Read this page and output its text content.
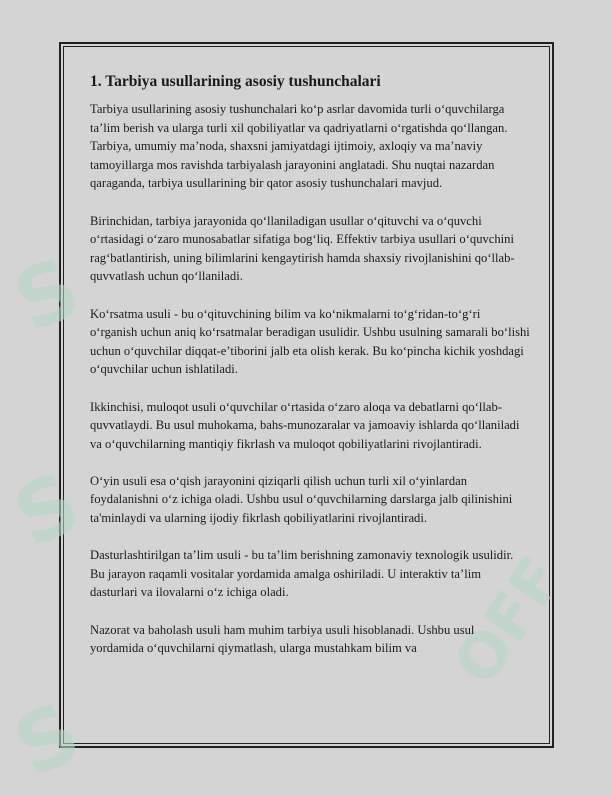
S
S
S
OFF
1. Tarbiya usullarining asosiy tushunchalari

Tarbiya usullarining asosiy tushunchalari ko‘p asrlar davomida turli o‘quvchilarga ta’lim berish va ularga turli xil qobiliyatlar va qadriyatlarni o‘rgatishda qo‘llangan. Tarbiya, umumiy ma’noda, shaxsni jamiyatdagi ijtimoiy, axloqiy va ma’naviy tamoyillarga mos ravishda tarbiyalash jarayonini anglatadi. Shu nuqtai nazardan qaraganda, tarbiya usullarining bir qator asosiy tushunchalari mavjud.

Birinchidan, tarbiya jarayonida qo‘llaniladigan usullar o‘qituvchi va o‘quvchi o‘rtasidagi o‘zaro munosabatlar sifatiga bog‘liq. Effektiv tarbiya usullari o‘quvchini rag‘batlantirish, uning bilimlarini kengaytirish hamda shaxsiy rivojlanishini qo‘llab-quvvatlash uchun qo‘llaniladi.

Ko‘rsatma usuli - bu o‘qituvchining bilim va ko‘nikmalarni to‘g‘ridan-to‘g‘ri o‘rganish uchun aniq ko‘rsatmalar beradigan usulidir. Ushbu usulning samarali bo‘lishi uchun o‘quvchilar diqqat-e’tiborini jalb eta olish kerak. Bu ko‘pincha kichik yoshdagi o‘quvchilar uchun ishlatiladi.

Ikkinchisi, muloqot usuli o‘quvchilar o‘rtasida o‘zaro aloqa va debatlarni qo‘llab-quvvatlaydi. Bu usul muhokama, bahs-munozaralar va jamoaviy ishlarda qo‘llaniladi va o‘quvchilarning mantiqiy fikrlash va muloqot qobiliyatlarini rivojlantiradi.

O‘yin usuli esa o‘qish jarayonini qiziqarli qilish uchun turli xil o‘yinlardan foydalanishni o‘z ichiga oladi. Ushbu usul o‘quvchilarning darslarga jalb qilinishini ta'minlaydi va ularning ijodiy fikrlash qobiliyatlarini rivojlantiradi.

Dasturlashtirilgan ta’lim usuli - bu ta’lim berishning zamonaviy texnologik usulidir. Bu jarayon raqamli vositalar yordamida amalga oshiriladi. U interaktiv ta’lim dasturlari va ilovalarni o‘z ichiga oladi.

Nazorat va baholash usuli ham muhim tarbiya usuli hisoblanadi. Ushbu usul yordamida o‘quvchilarni qiymatlash, ularga mustahkam bilim va
